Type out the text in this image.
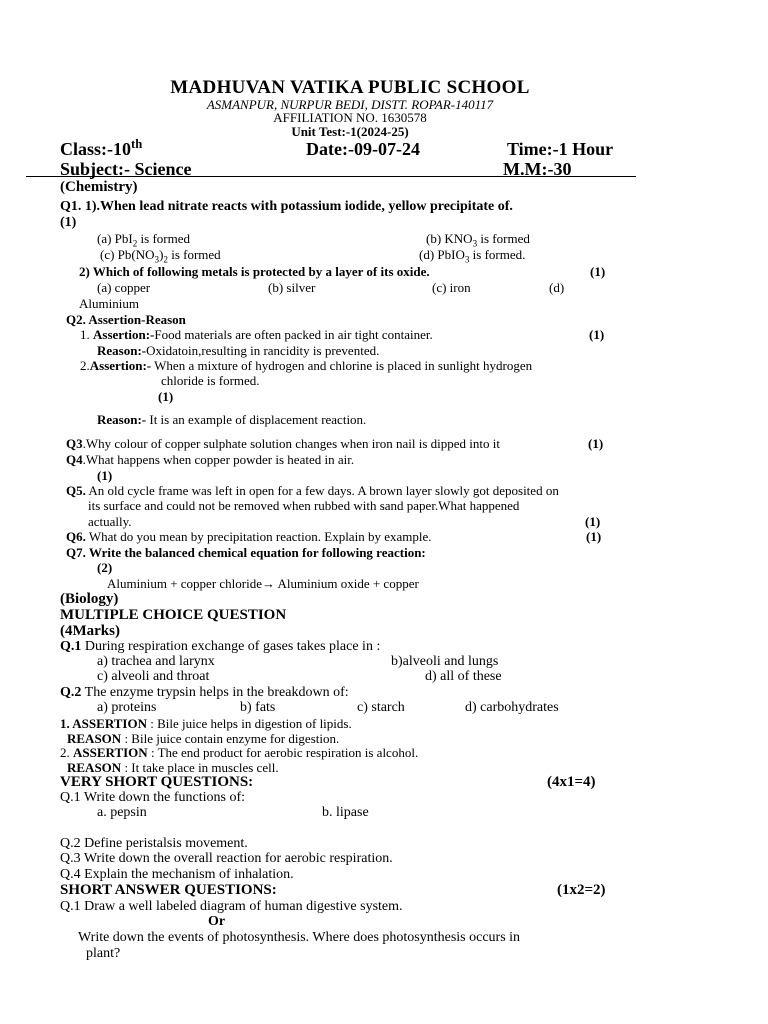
MADHUVAN VATIKA PUBLIC SCHOOL
ASMANPUR, NURPUR BEDI, DISTT. ROPAR-140117
AFFILIATION NO. 1630578
Unit Test:-1(2024-25)
Class:-10th	Date:-09-07-24	Time:-1 Hour
Subject:- Science	M.M:-30
(Chemistry)
Q1. 1).When lead nitrate reacts with potassium iodide, yellow precipitate of.
(1)
(a) PbI$_2$ is formed	(b) $KNO_3$ is formed
(c) $Pb(NO_3)_2$ is formed	(d) PbIO$_3$ is formed.
2) Which of following metals is protected by a layer of its oxide.	(1)
(a) copper	(b) silver	(c) iron	(d)
Aluminium
Q2. Assertion-Reason
1. Assertion:-Food materials are often packed in air tight container.	(1)
Reason:-Oxidatoin,resulting in rancidity is prevented.
2.Assertion:- When a mixture of hydrogen and chlorine is placed in sunlight hydrogen
chloride is formed.
(1)
Reason:- It is an example of displacement reaction.
Q3.Why colour of copper sulphate solution changes when iron nail is dipped into it	(1)
Q4.What happens when copper powder is heated in air.
(1)
Q5. An old cycle frame was left in open for a few days. A brown layer slowly got deposited on
its surface and could not be removed when rubbed with sand paper.What happened
actually.	(1)
Q6. What do you mean by precipitation reaction. Explain by example.	(1)
Q7. Write the balanced chemical equation for following reaction:
(2)
Aluminium + copper chloride→ Aluminium oxide + copper
(Biology)
MULTIPLE CHOICE QUESTION
(4Marks)
Q.1 During respiration exchange of gases takes place in :
a) trachea and larynx	b)alveoli and lungs
c) alveoli and throat	d) all of these
Q.2 The enzyme trypsin helps in the breakdown of:
a) proteins	b) fats	c) starch	d) carbohydrates
1. ASSERTION : Bile juice helps in digestion of lipids.
REASON : Bile juice contain enzyme for digestion.
2. ASSERTION : The end product for aerobic respiration is alcohol.
REASON : It take place in muscles cell.
VERY SHORT QUESTIONS:	(4x1=4)
Q.1 Write down the functions of:
a. pepsin	b. lipase
Q.2 Define peristalsis movement.
Q.3 Write down the overall reaction for aerobic respiration.
Q.4 Explain the mechanism of inhalation.
SHORT ANSWER QUESTIONS:	(1x2=2)
Q.1 Draw a well labeled diagram of human digestive system.
Or
Write down the events of photosynthesis. Where does photosynthesis occurs in
plant?
